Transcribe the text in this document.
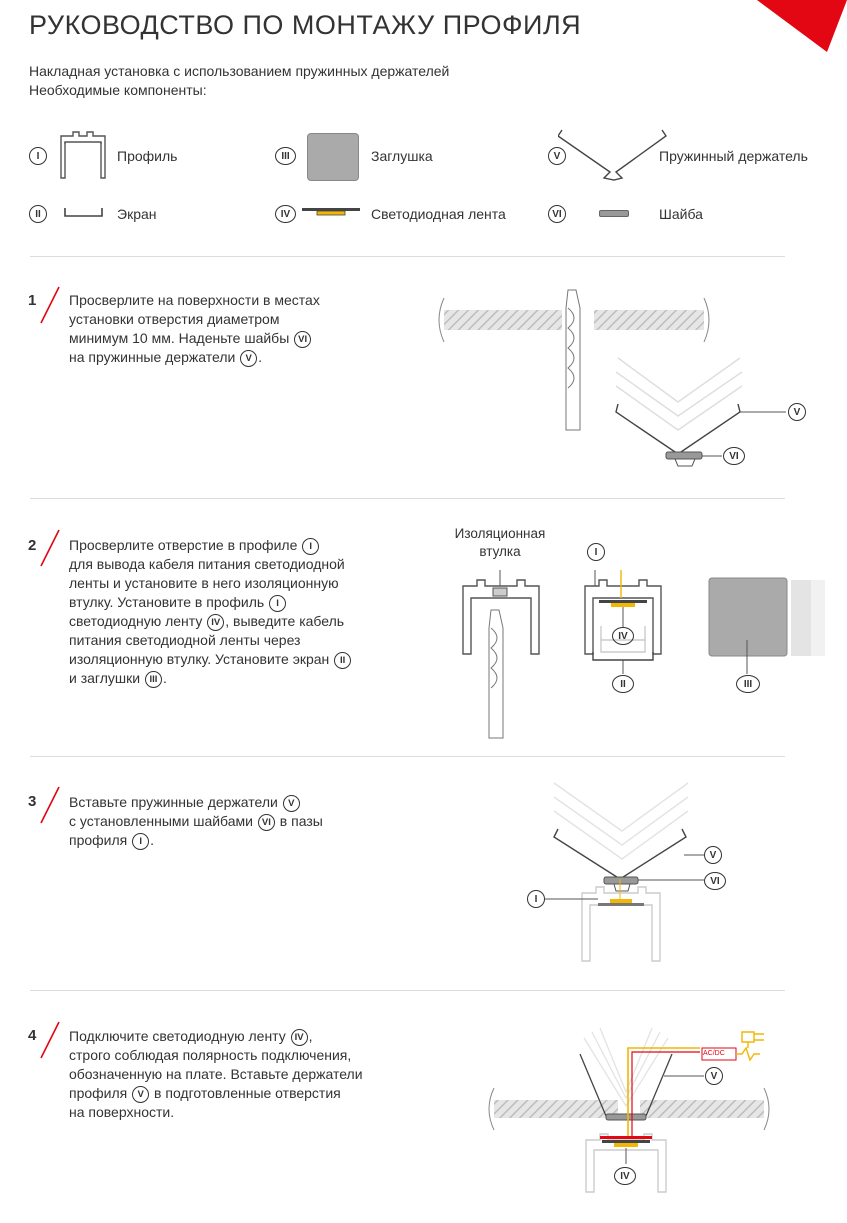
РУКОВОДСТВО ПО МОНТАЖУ ПРОФИЛЯ
Накладная установка с использованием пружинных держателей
Необходимые компоненты:
I	Профиль	III	Заглушка	V	Пружинный держатель
II	Экран	IV	Светодиодная лента	VI	Шайба
1 Просверлите на поверхности в местах
установки отверстия диаметром
минимум 10 мм. Наденьте шайбы VI
на пружинные держатели V .
V
VI
2 Просверлите отверстие в профиле I
для вывода кабеля питания светодиодной
ленты и установите в него изоляционную
втулку. Установите в профиль I
светодиодную ленту IV , выведите кабель
питания светодиодной ленты через
изоляционную втулку. Установите экран II
и заглушки III .
Изоляционная
втулка	I
IV
II	III
3 Вставьте пружинные держатели V
с установленными шайбами VI в пазы
профиля I .
V
VI
I
4 Подключите светодиодную ленту IV ,
строго соблюдая полярность подключения,
обозначенную на плате. Вставьте держатели
профиля V в подготовленные отверстия
на поверхности.
AC/DC
V
IV
